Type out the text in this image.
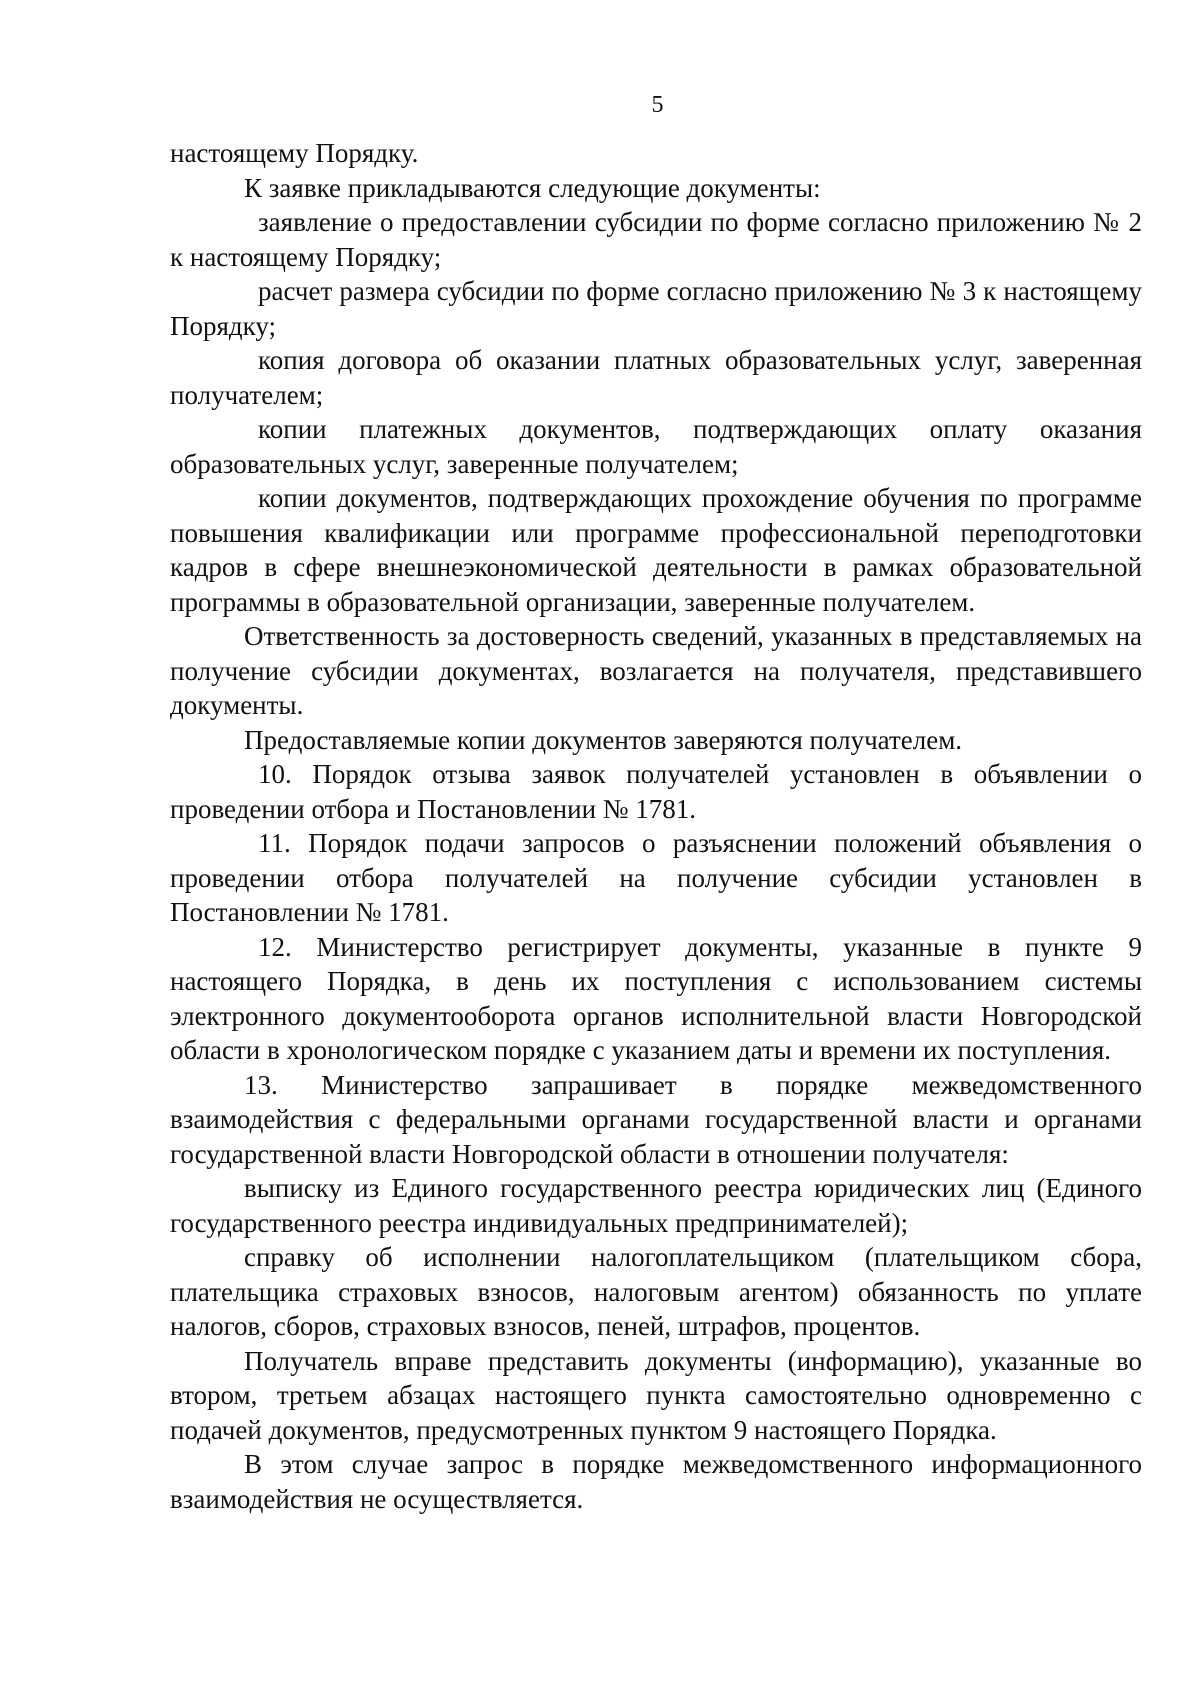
5

настоящему Порядку.

К заявке прикладываются следующие документы:

заявление о предоставлении субсидии по форме согласно приложению № 2 к настоящему Порядку;

расчет размера субсидии по форме согласно приложению № 3 к настоящему Порядку;

копия договора об оказании платных образовательных услуг, заверенная получателем;

копии платежных документов, подтверждающих оплату оказания образовательных услуг, заверенные получателем;

копии документов, подтверждающих прохождение обучения по программе повышения квалификации или программе профессиональной переподготовки кадров в сфере внешнеэкономической деятельности в рамках образовательной программы в образовательной организации, заверенные получателем.

Ответственность за достоверность сведений, указанных в представляемых на получение субсидии документах, возлагается на получателя, представившего документы.

Предоставляемые копии документов заверяются получателем.

10. Порядок отзыва заявок получателей установлен в объявлении о проведении отбора и Постановлении № 1781.

11. Порядок подачи запросов о разъяснении положений объявления о проведении отбора получателей на получение субсидии установлен в Постановлении № 1781.

12. Министерство регистрирует документы, указанные в пункте 9 настоящего Порядка, в день их поступления с использованием системы электронного документооборота органов исполнительной власти Новгородской области в хронологическом порядке с указанием даты и времени их поступления.

13. Министерство запрашивает в порядке межведомственного взаимодействия с федеральными органами государственной власти и органами государственной власти Новгородской области в отношении получателя:

выписку из Единого государственного реестра юридических лиц (Единого государственного реестра индивидуальных предпринимателей);

справку об исполнении налогоплательщиком (плательщиком сбора, плательщика страховых взносов, налоговым агентом) обязанность по уплате налогов, сборов, страховых взносов, пеней, штрафов, процентов.

Получатель вправе представить документы (информацию), указанные во втором, третьем абзацах настоящего пункта самостоятельно одновременно с подачей документов, предусмотренных пунктом 9 настоящего Порядка.

В этом случае запрос в порядке межведомственного информационного взаимодействия не осуществляется.
